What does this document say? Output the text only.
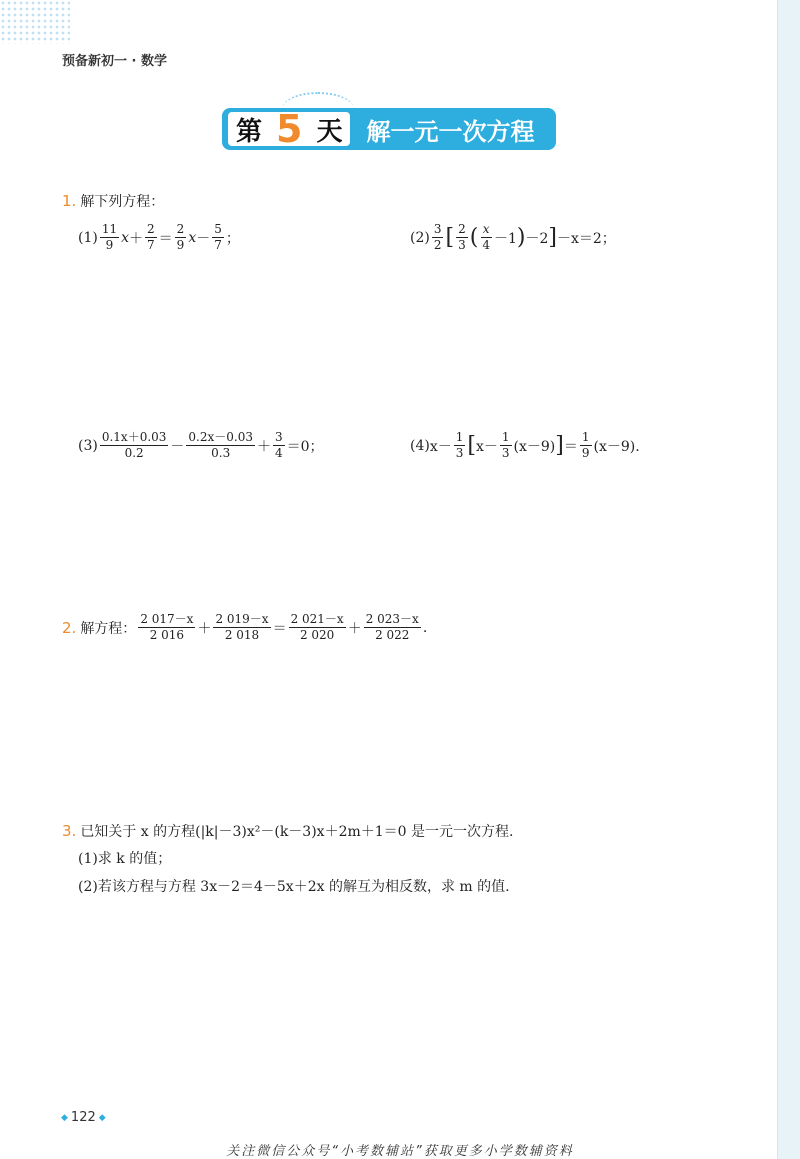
预备新初一 · 数学
第 5 天	解一元一次方程
1. 解下列方程：
$(1) \frac{11}{9}$ $x + \frac{2}{7} = \frac{2}{9}$ $x - \frac{5}{7}$ ；	$(2) \frac{3}{2}$ [ $\frac{2}{3}$ ( $\frac{x}{4} -1$ ) －2 ] －x＝2；
$(3) \frac{0.1x+0.03}{0.2} - \frac{0.2x-0.03}{0.3} + \frac{3}{4} =0$；	(4) $x- \frac{1}{3}$ [ $x- \frac{1}{3} (x-9)$ ] ＝ $\frac{1}{9} (x-9)$.
2. 解方程： $\frac{2 017-x}{2 016} + \frac{2 019-x}{2 018} = \frac{2 021-x}{2 020} + \frac{2 023-x}{2 022}$ .
3. 已知关于 x 的方程(|k|－3)x²－(k－3)x＋2m＋1＝0 是一元一次方程.
(1)求 k 的值；
(2)若该方程与方程 3x－2＝4－5x＋2x 的解互为相反数，求 m 的值.
◆ 122 ◆
关注微信公众号“小考数辅站”获取更多小学数辅资料
